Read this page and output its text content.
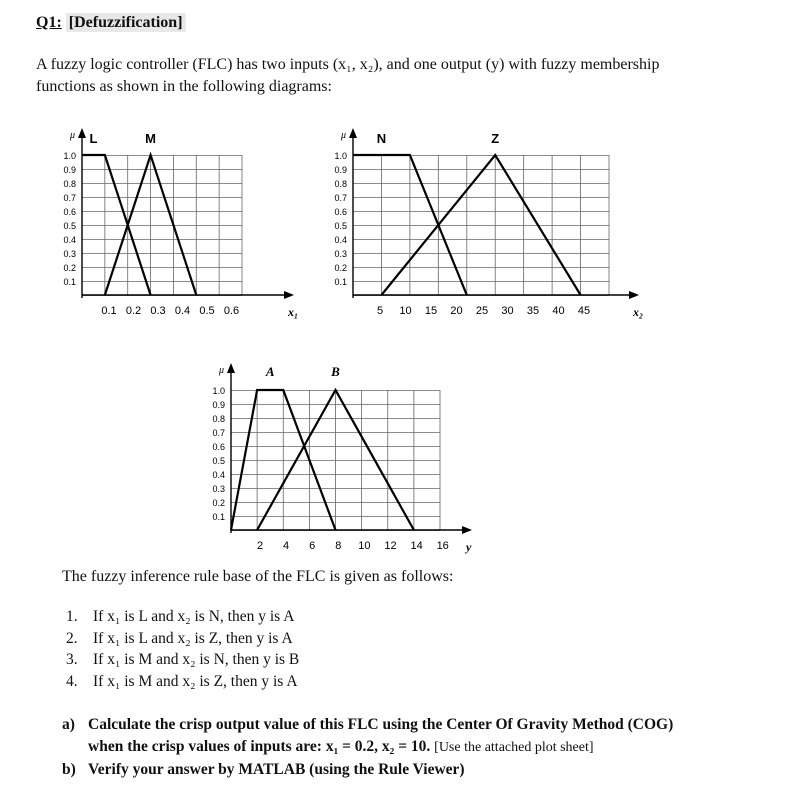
Q1: [Defuzzification]
A fuzzy logic controller (FLC) has two inputs (x₁, x₂), and one output (y) with fuzzy membership
functions as shown in the following diagrams:
μ
1.0
0.9
0.8
0.7
0.6
0.5
0.4
0.3
0.2
0.1
0.1 0.2 0.3 0.4 0.5 0.6	x₁
L	M	μ
1.0
0.9
0.8
0.7
0.6
0.5
0.4
0.3
0.2
0.1
5 10 15 20 25 30 35 40 45	x₂
N	Z
μ
1.0
0.9
0.8
0.7
0.6
0.5
0.4
0.3
0.2
0.1
2 4 6 8 10 12 14 16 y
A	B
The fuzzy inference rule base of the FLC is given as follows:
1. If x₁ is L and x₂ is N, then y is A
2. If x₁ is L and x₂ is Z, then y is A
3. If x₁ is M and x₂ is N, then y is B
4. If x₁ is M and x₂ is Z, then y is A
a) Calculate the crisp output value of this FLC using the Center Of Gravity Method (COG)
when the crisp values of inputs are: x₁ = 0.2, x₂ = 10. [Use the attached plot sheet]
b) Verify your answer by MATLAB (using the Rule Viewer)
